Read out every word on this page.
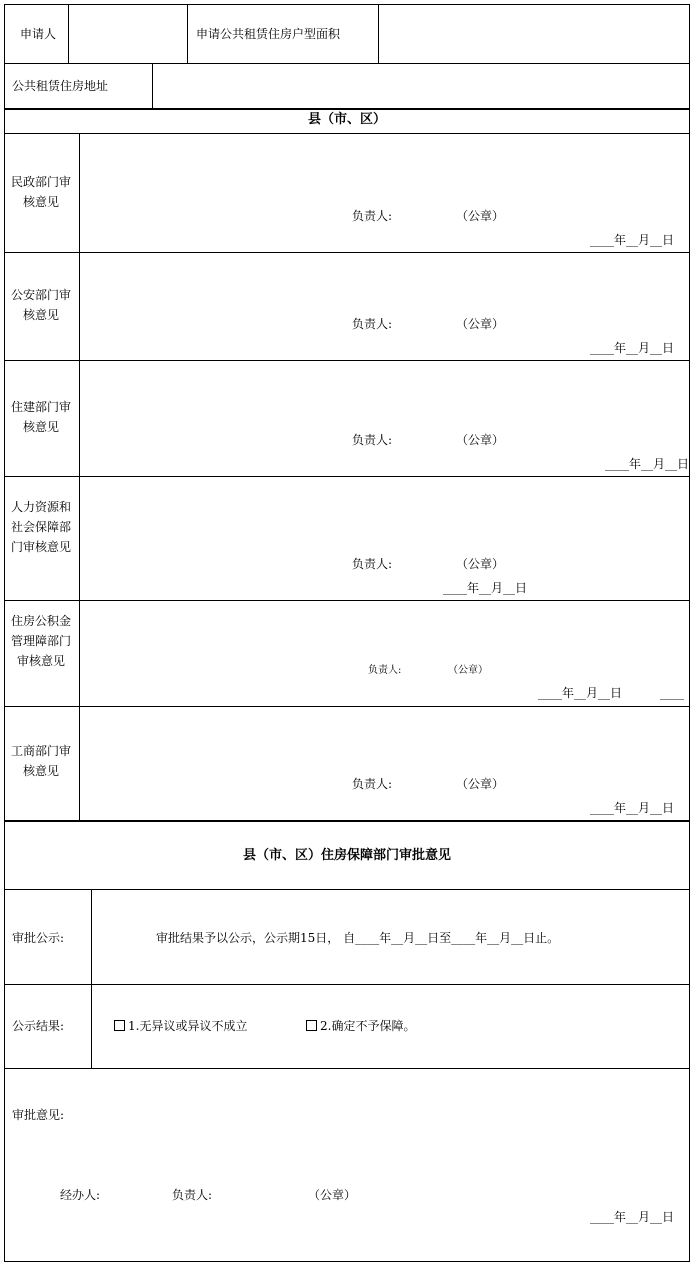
申请人	申请公共租赁住房户型面积
公共租赁住房地址
县（市、区）
民政部门审核意见
负责人:	（公章）
____年__月__日
公安部门审核意见
负责人:	（公章）
____年__月__日
住建部门审核意见
负责人:	（公章）
____年__月__日
人力资源和社会保障部门审核意见
负责人:	（公章）
____年__月__日
住房公积金管理障部门审核意见
负责人:	（公章）
____年__月__日	____
工商部门审核意见
负责人:	（公章）
____年__月__日
县（市、区）住房保障部门审批意见
审批公示:	审批结果予以公示，公示期15日， 自____年__月__日至____年__月__日止。
公示结果:	1.无异议或异议不成立	2.确定不予保障。
审批意见:
经办人:	负责人:	（公章）
____年__月__日
